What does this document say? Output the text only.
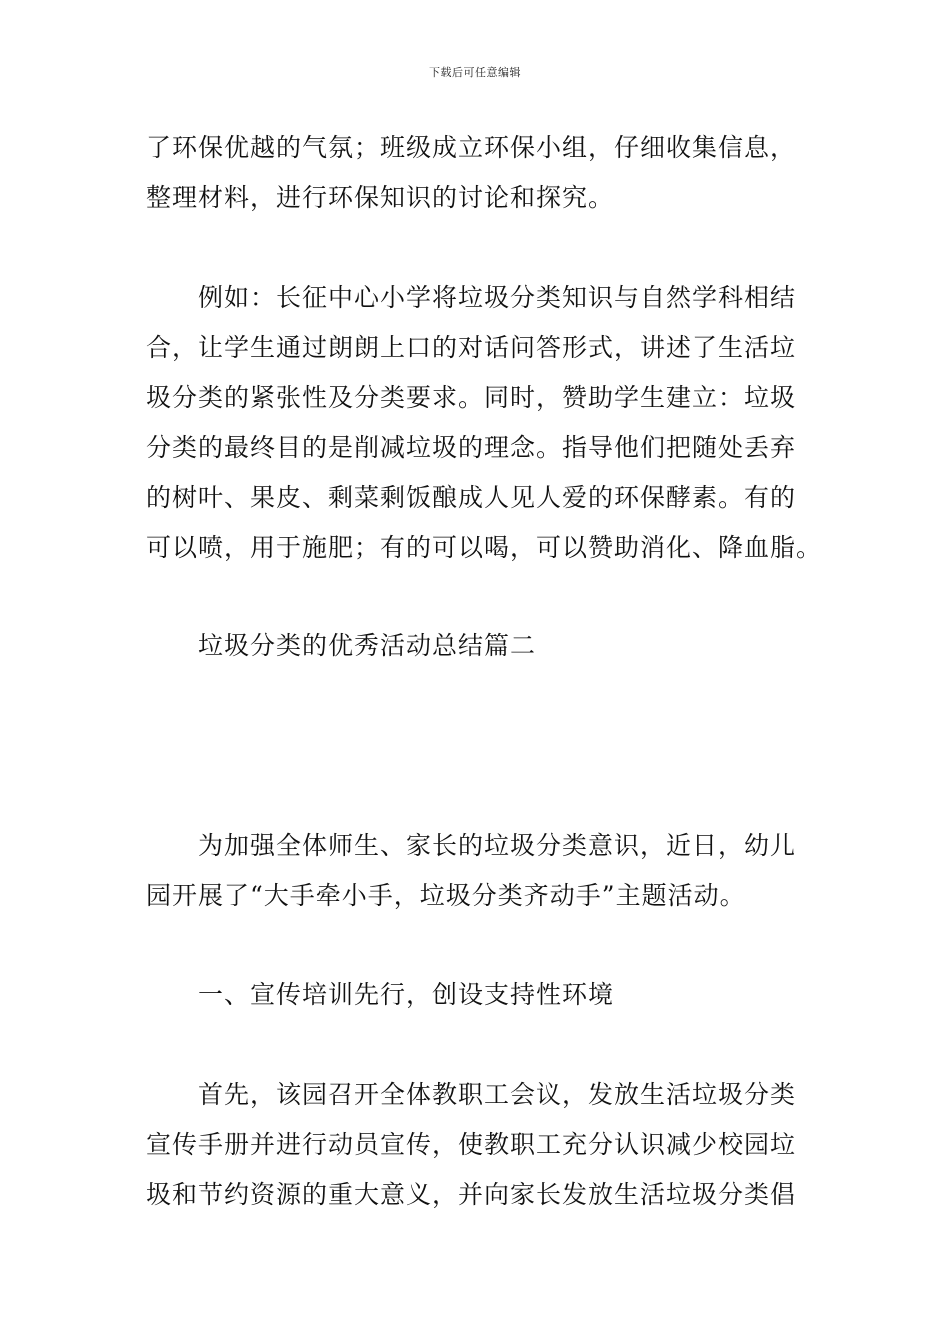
下载后可任意编辑
了环保优越的气氛；班级成立环保小组，仔细收集信息，
整理材料，进行环保知识的讨论和探究。
例如：长征中心小学将垃圾分类知识与自然学科相结
合，让学生通过朗朗上口的对话问答形式，讲述了生活垃
圾分类的紧张性及分类要求。同时，赞助学生建立：垃圾
分类的最终目的是削减垃圾的理念。指导他们把随处丢弃
的树叶、果皮、剩菜剩饭酿成人见人爱的环保酵素。有的
可以喷，用于施肥；有的可以喝，可以赞助消化、降血脂。
垃圾分类的优秀活动总结篇二
为加强全体师生、家长的垃圾分类意识，近日，幼儿
园开展了“大手牵小手，垃圾分类齐动手”主题活动。
一、宣传培训先行，创设支持性环境
首先，该园召开全体教职工会议，发放生活垃圾分类
宣传手册并进行动员宣传，使教职工充分认识减少校园垃
圾和节约资源的重大意义，并向家长发放生活垃圾分类倡
